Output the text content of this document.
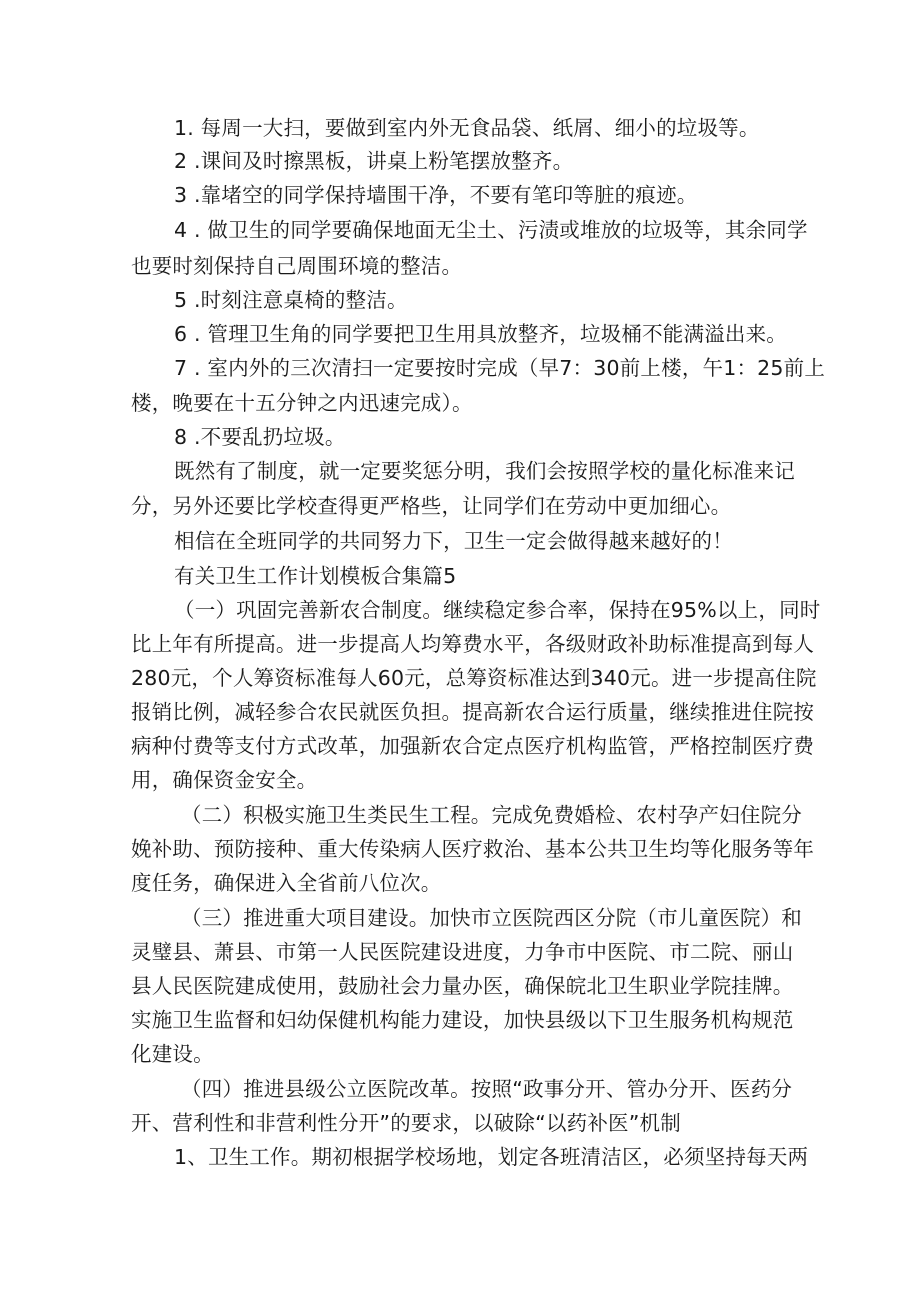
1. 每周一大扫，要做到室内外无食品袋、纸屑、细小的垃圾等。
2 .课间及时擦黑板，讲桌上粉笔摆放整齐。
3 .靠堵空的同学保持墙围干净，不要有笔印等脏的痕迹。
4 . 做卫生的同学要确保地面无尘土、污渍或堆放的垃圾等，其余同学
也要时刻保持自己周围环境的整洁。
5 .时刻注意桌椅的整洁。
6 . 管理卫生角的同学要把卫生用具放整齐，垃圾桶不能满溢出来。
7 . 室内外的三次清扫一定要按时完成（早7：30前上楼，午1：25前上
楼，晚要在十五分钟之内迅速完成）。
8 .不要乱扔垃圾。
既然有了制度，就一定要奖惩分明，我们会按照学校的量化标准来记
分，另外还要比学校查得更严格些，让同学们在劳动中更加细心。
相信在全班同学的共同努力下，卫生一定会做得越来越好的！
有关卫生工作计划模板合集篇5
（一）巩固完善新农合制度。继续稳定参合率，保持在95%以上，同时
比上年有所提高。进一步提高人均筹费水平，各级财政补助标准提高到每人
280元，个人筹资标准每人60元，总筹资标准达到340元。进一步提高住院
报销比例，减轻参合农民就医负担。提高新农合运行质量，继续推进住院按
病种付费等支付方式改革，加强新农合定点医疗机构监管，严格控制医疗费
用，确保资金安全。
（二）积极实施卫生类民生工程。完成免费婚检、农村孕产妇住院分
娩补助、预防接种、重大传染病人医疗救治、基本公共卫生均等化服务等年
度任务，确保进入全省前八位次。
（三）推进重大项目建设。加快市立医院西区分院（市儿童医院）和
灵璧县、萧县、市第一人民医院建设进度，力争市中医院、市二院、丽山
县人民医院建成使用，鼓励社会力量办医，确保皖北卫生职业学院挂牌。
实施卫生监督和妇幼保健机构能力建设，加快县级以下卫生服务机构规范
化建设。
（四）推进县级公立医院改革。按照“政事分开、管办分开、医药分
开、营利性和非营利性分开”的要求，以破除“以药补医”机制
1、卫生工作。期初根据学校场地，划定各班清洁区，必须坚持每天两
